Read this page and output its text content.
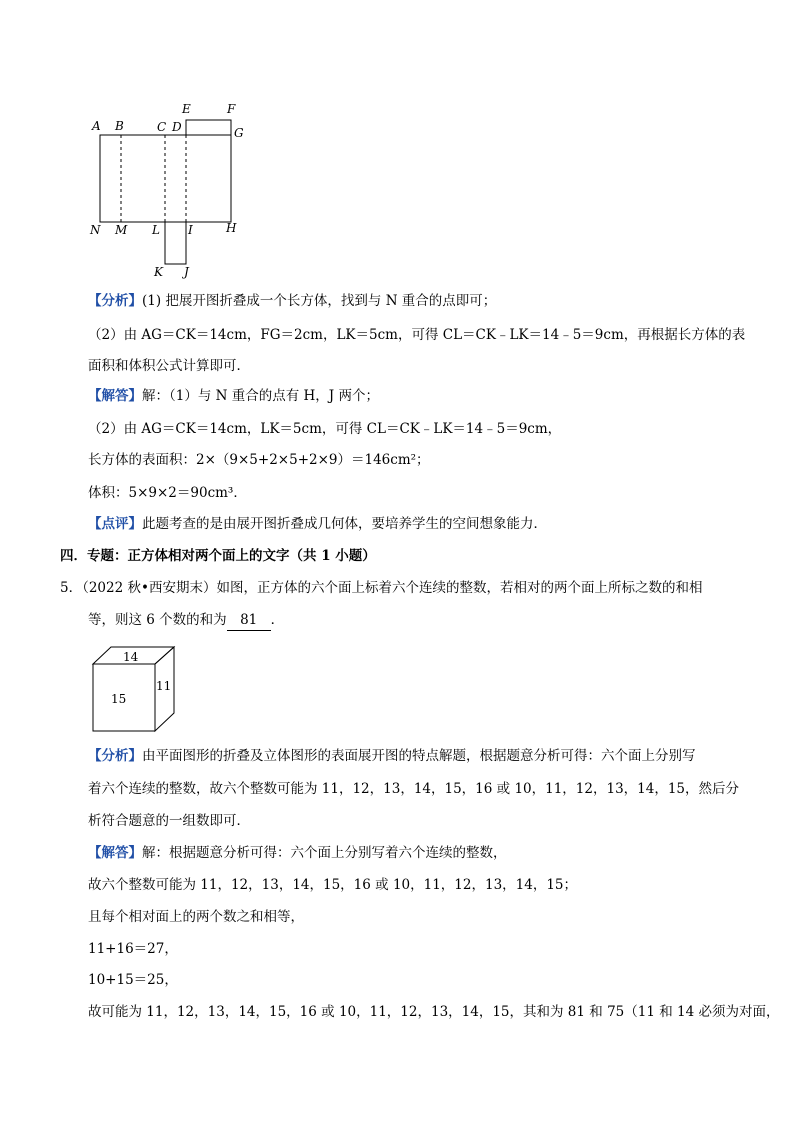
A B	C D
E	F
G
N M L I	H
K J
【分析】(1) 把展开图折叠成一个长方体，找到与 N 重合的点即可；
（2）由 AG＝CK＝14cm，FG＝2cm，LK＝5cm，可得 CL＝CK﹣LK＝14﹣5＝9cm，再根据长方体的表
面积和体积公式计算即可．
【解答】解：（1）与 N 重合的点有 H，J 两个；
（2）由 AG＝CK＝14cm，LK＝5cm，可得 CL＝CK﹣LK＝14﹣5＝9cm，
长方体的表面积：2×（9×5+2×5+2×9）＝146cm²；
体积：5×9×2＝90cm³．
【点评】此题考查的是由展开图折叠成几何体，要培养学生的空间想象能力．
四．专题：正方体相对两个面上的文字（共 1 小题）
5．（2022 秋•西安期末）如图，正方体的六个面上标着六个连续的整数，若相对的两个面上所标之数的和相
等，则这 6 个数的和为 81 ．
14
15
11
【分析】由平面图形的折叠及立体图形的表面展开图的特点解题，根据题意分析可得：六个面上分别写
着六个连续的整数，故六个整数可能为 11，12，13，14，15，16 或 10，11，12，13，14，15，然后分
析符合题意的一组数即可．
【解答】解：根据题意分析可得：六个面上分别写着六个连续的整数，
故六个整数可能为 11，12，13，14，15，16 或 10，11，12，13，14，15；
且每个相对面上的两个数之和相等，
11+16＝27，
10+15＝25，
故可能为 11，12，13，14，15，16 或 10，11，12，13，14，15，其和为 81 和 75（11 和 14 必须为对面，
